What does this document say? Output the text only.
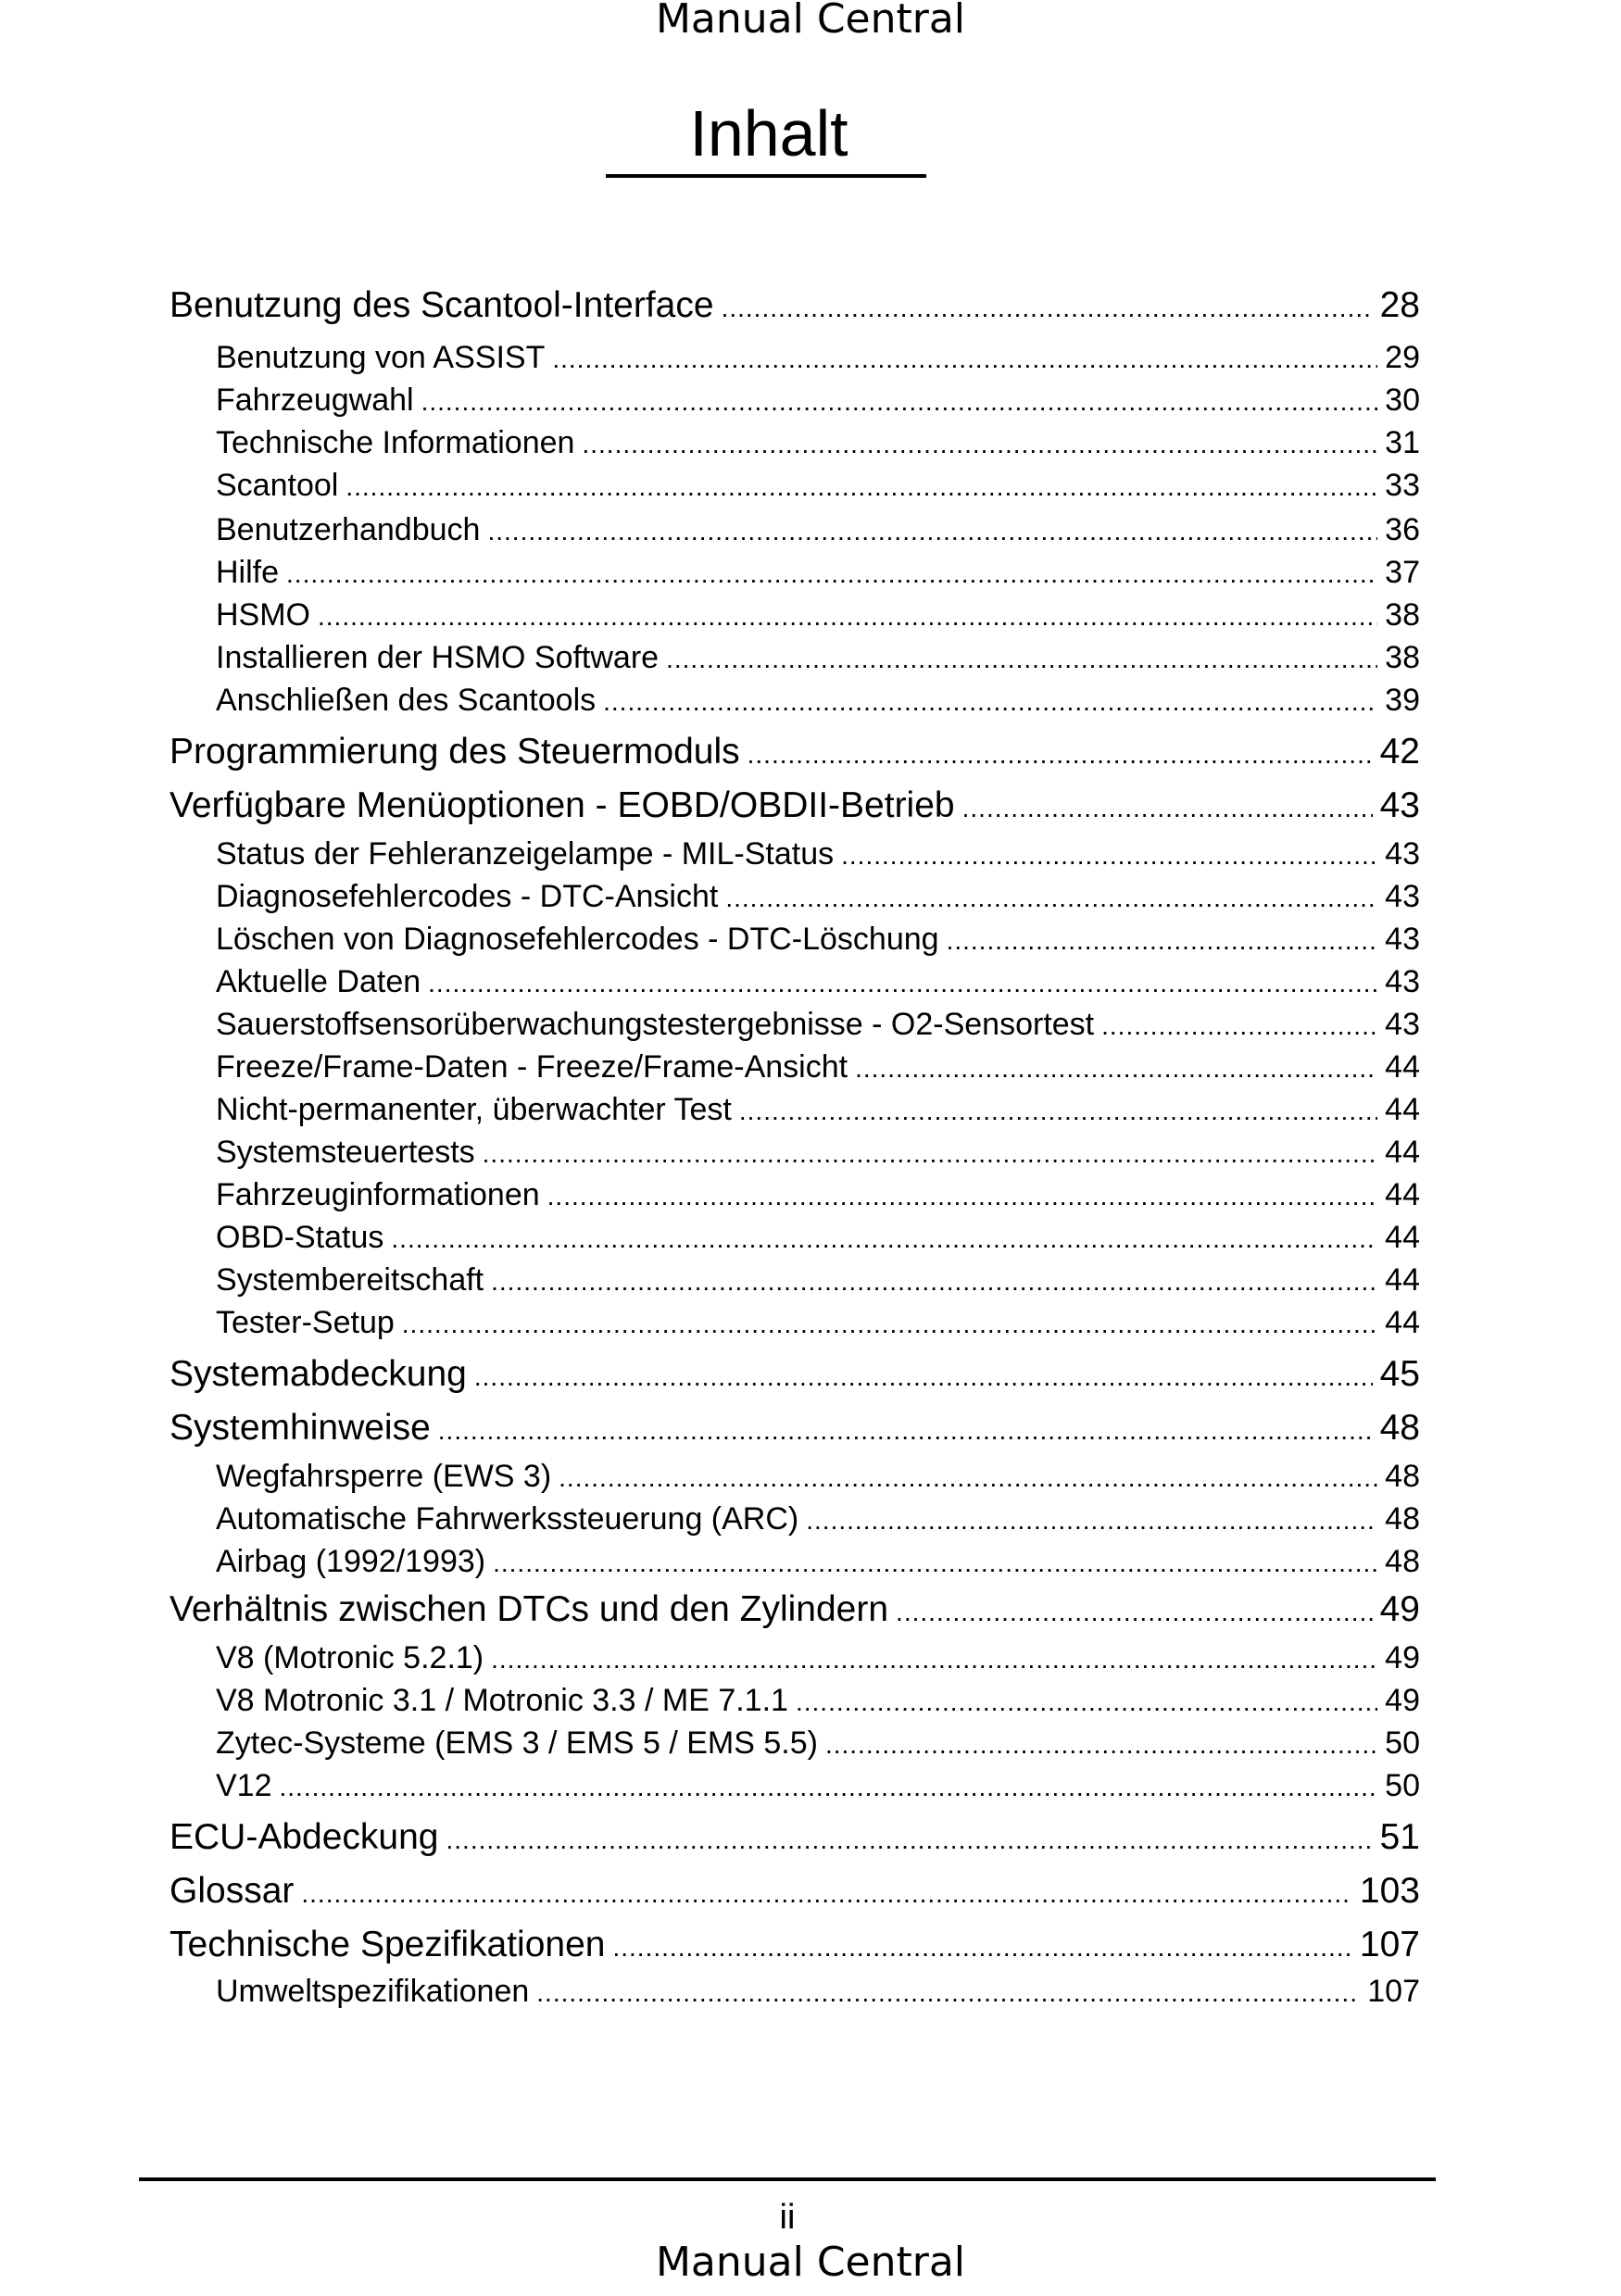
Manual Central
Inhalt
Benutzung des Scantool-Interface .....	28
Benutzung von ASSIST .....	29
Fahrzeugwahl .....	30
Technische Informationen .....	31
Scantool .....	33
Benutzerhandbuch .....	36
Hilfe .....	37
HSMO .....	38
Installieren der HSMO Software .....	38
Anschließen des Scantools .....	39
Programmierung des Steuermoduls .....	42
Verfügbare Menüoptionen - EOBD/OBDII-Betrieb .....	43
Status der Fehleranzeigelampe - MIL-Status .....	43
Diagnosefehlercodes - DTC-Ansicht .....	43
Löschen von Diagnosefehlercodes - DTC-Löschung .....	43
Aktuelle Daten .....	43
Sauerstoffsensorüberwachungstestergebnisse - O2-Sensortest .....	43
Freeze/Frame-Daten - Freeze/Frame-Ansicht .....	44
Nicht-permanenter, überwachter Test .....	44
Systemsteuertests .....	44
Fahrzeuginformationen .....	44
OBD-Status .....	44
Systembereitschaft .....	44
Tester-Setup .....	44
Systemabdeckung .....	45
Systemhinweise .....	48
Wegfahrsperre (EWS 3) .....	48
Automatische Fahrwerkssteuerung (ARC) .....	48
Airbag (1992/1993) .....	48
Verhältnis zwischen DTCs und den Zylindern .....	49
V8 (Motronic 5.2.1) .....	49
V8 Motronic 3.1 / Motronic 3.3 / ME 7.1.1 .....	49
Zytec-Systeme (EMS 3 / EMS 5 / EMS 5.5) .....	50
V12 .....	50
ECU-Abdeckung .....	51
Glossar .....	103
Technische Spezifikationen .....	107
Umweltspezifikationen .....	107
ii
Manual Central
